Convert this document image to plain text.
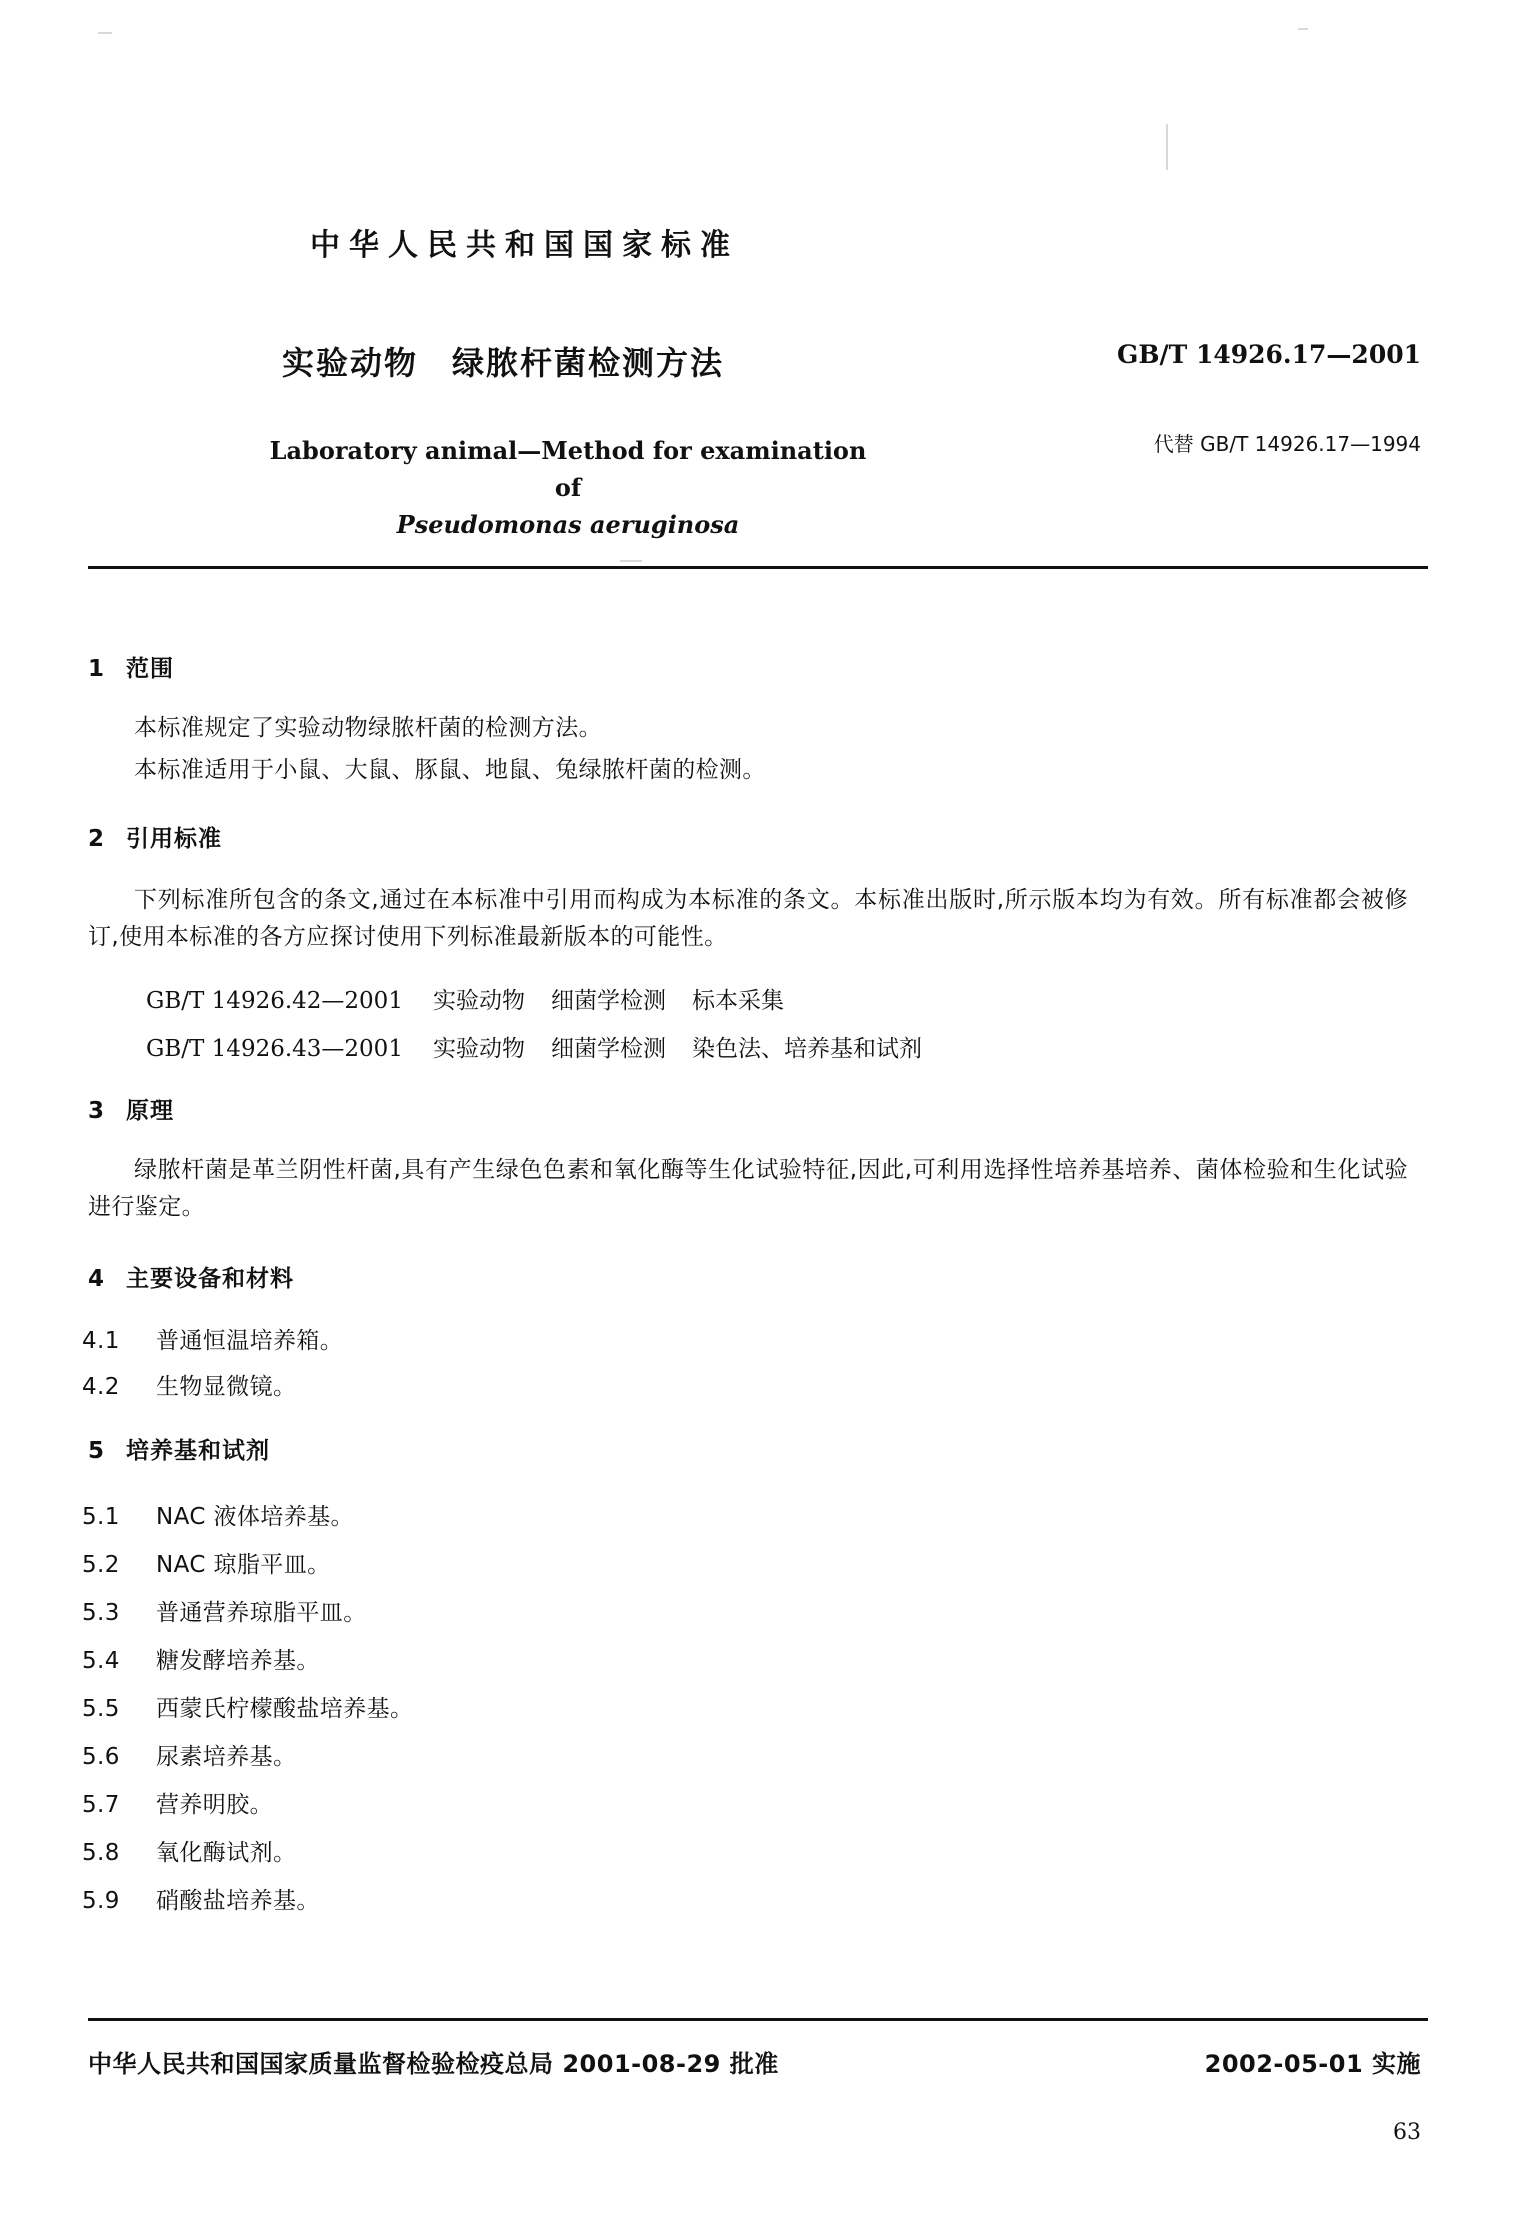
中华人民共和国国家标准
实验动物 绿脓杆菌检测方法
Laboratory animal—Method for examination of
Pseudomonas aeruginosa
GB/T 14926.17—2001
代替 GB/T 14926.17—1994
1 范围
本标准规定了实验动物绿脓杆菌的检测方法。
本标准适用于小鼠、大鼠、豚鼠、地鼠、兔绿脓杆菌的检测。
2 引用标准
下列标准所包含的条文,通过在本标准中引用而构成为本标准的条文。本标准出版时,所示版本均为有效。所有标准都会被修订,使用本标准的各方应探讨使用下列标准最新版本的可能性。
GB/T 14926.42—2001 实验动物 细菌学检测 标本采集
GB/T 14926.43—2001 实验动物 细菌学检测 染色法、培养基和试剂
3 原理
绿脓杆菌是革兰阴性杆菌,具有产生绿色色素和氧化酶等生化试验特征,因此,可利用选择性培养基培养、菌体检验和生化试验进行鉴定。
4 主要设备和材料
4.1 普通恒温培养箱。
4.2 生物显微镜。
5 培养基和试剂
5.1 NAC 液体培养基。
5.2 NAC 琼脂平皿。
5.3 普通营养琼脂平皿。
5.4 糖发酵培养基。
5.5 西蒙氏柠檬酸盐培养基。
5.6 尿素培养基。
5.7 营养明胶。
5.8 氧化酶试剂。
5.9 硝酸盐培养基。
中华人民共和国国家质量监督检验检疫总局 2001-08-29 批准	2002-05-01 实施
63
